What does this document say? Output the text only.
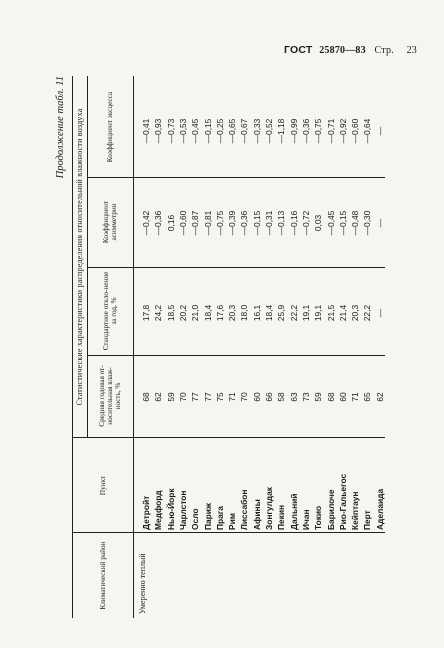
ГОСТ 25870—83 Стр. 23
Продолжение табл. 11 Статистические характеристики распределения относительной влажности воздуха
Климатический район
Пункт
Средняя годовая от-носительная влаж-ность, %
Стандартное откло-нение за год, %
Коэффициент асимметрии
Коэффициент эксцесса
Умеренно теплый
Детройт
68
17,8
—0,42
—0,41
Медфорд
62
24,2
—0,36
—0,93
Нью-Йорк
59
18,5
0,16
—0,73
Чарлстон
70
20,2
—0,60
—0,53
Осло
77
21,0
—0,87
—0,45
Париж
77
18,4
—0,81
—0,15
Прага
75
17,6
—0,75
—0,25
Рим
71
20,3
—0,39
—0,65
Лиссабон
70
18,0
—0,36
—0,67
Афины
60
16,1
—0,15
—0,33
Зонгулдак
66
18,4
—0,31
—0,52
Пекин
58
25,9
—0,13
—1,18
Дальний
63
22,2
—0,16
—0,99
Ичан
73
19,1
—0,72
—0,36
Токио
59
19,1
0,03
—0,75
Барилоче
68
21,5
—0,45
—0,71
Рио-Гальегос
60
21,4
—0,15
—0,92
Кейптаун
71
20,3
—0,48
—0,60
Перт
65
22,2
—0,30
—0,64
Аделаида
62
—
—
—
